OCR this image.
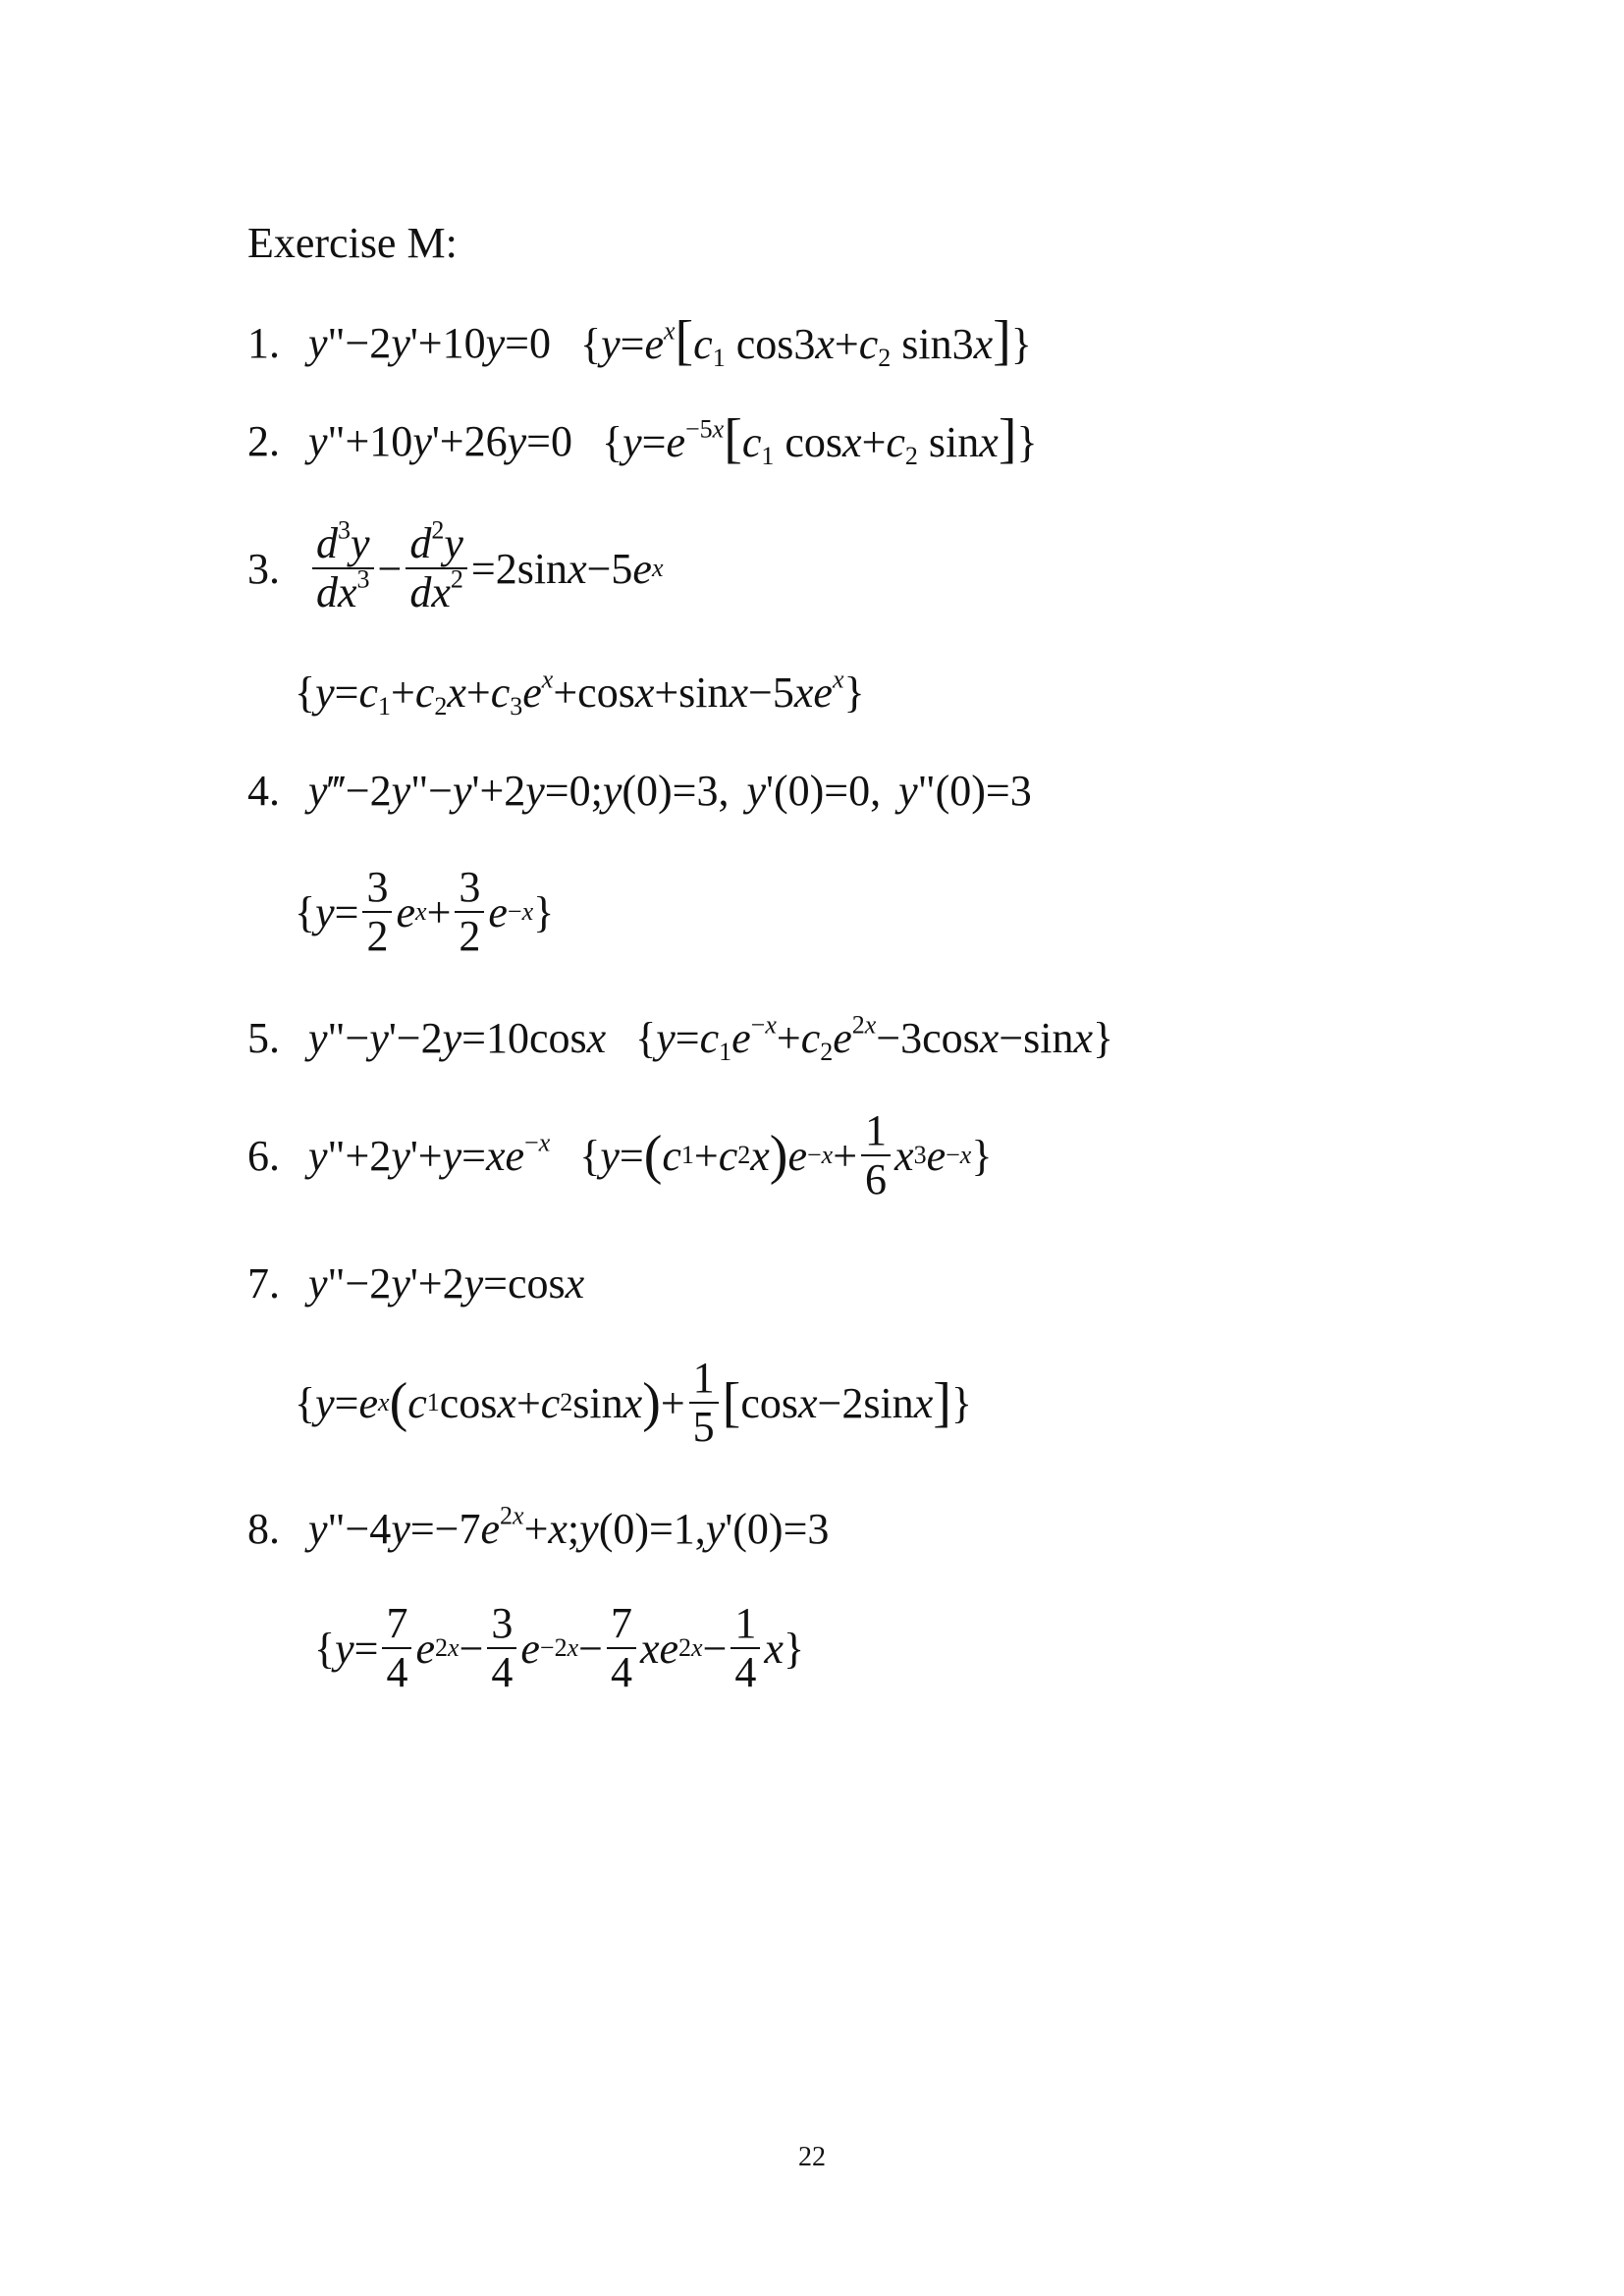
Exercise M:
1. y"−2y'+10y=0 {$y=e^x[c_1$ $\cos 3x+c_2$ sin3x]}
2. y"+10y'+26y=0 {$y=e^{-5x}[c_1$ $\cos x+c_2$ sinx]}
3. $\frac{d^3y}{dx^3} - \frac{d^2y}{dx^2} =2\sin$ x −5 e x
$\{y=c_1+c_2x+c_3e^x+\cos x+\sin x-5xe^x\}$
4. y‴−2y"−y'+2y=0;y(0)=3, y'(0)=0, y"(0)=3
{ $y = \frac{3}{2}$ e $x + \frac{3}{2}$ e −x }
5. y"−y'−2y=10cosx $\{y=c_1e^{-x}+c_2e^{2x}-3\cos x-\sin x\}$
6. $y"+2y'+y=xe^{-x}$ { y = ( c 1 + c 2 x ) $e -x + \frac{1}{6}$ x 3 e −x }
7. y"−2y'+2y=cosx
{ y = e x ( c 1 cos x + c 2 sin x ) + $\frac{1}{5}$ [ cos x −2sin x ] }
8. $y"-4y=-7e^{2x}+x;y(0)=1,y'(0)=3$
{ $y = \frac{7}{4}$ e $2x - \frac{3}{4}$ $e -2x - \frac{7}{4}$ xe $2x - \frac{1}{4}$ x }
22
